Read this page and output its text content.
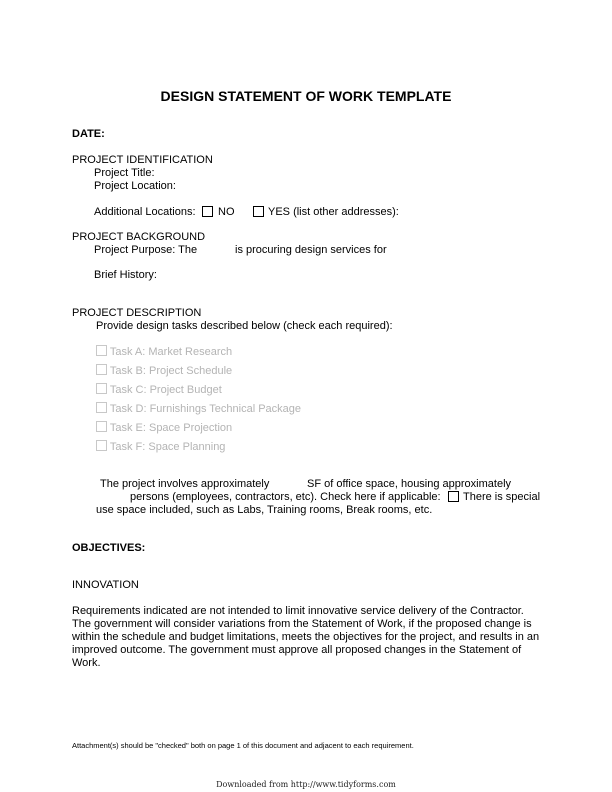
DESIGN STATEMENT OF WORK TEMPLATE
DATE:
PROJECT IDENTIFICATION
Project Title:
Project Location:
Additional Locations: NO	YES (list other addresses):
PROJECT BACKGROUND
Project Purpose: The	is procuring design services for
Brief History:
PROJECT DESCRIPTION
Provide design tasks described below (check each required):
Task A: Market Research
Task B: Project Schedule
Task C: Project Budget
Task D: Furnishings Technical Package
Task E: Space Projection
Task F: Space Planning
The project involves approximately	SF of office space, housing approximately
persons (employees, contractors, etc). Check here if applicable: There is special
use space included, such as Labs, Training rooms, Break rooms, etc.
OBJECTIVES:
INNOVATION
Requirements indicated are not intended to limit innovative service delivery of the Contractor.
The government will consider variations from the Statement of Work, if the proposed change is
within the schedule and budget limitations, meets the objectives for the project, and results in an
improved outcome. The government must approve all proposed changes in the Statement of
Work.
Attachment(s) should be "checked" both on page 1 of this document and adjacent to each requirement.
Downloaded from http://www.tidyforms.com
